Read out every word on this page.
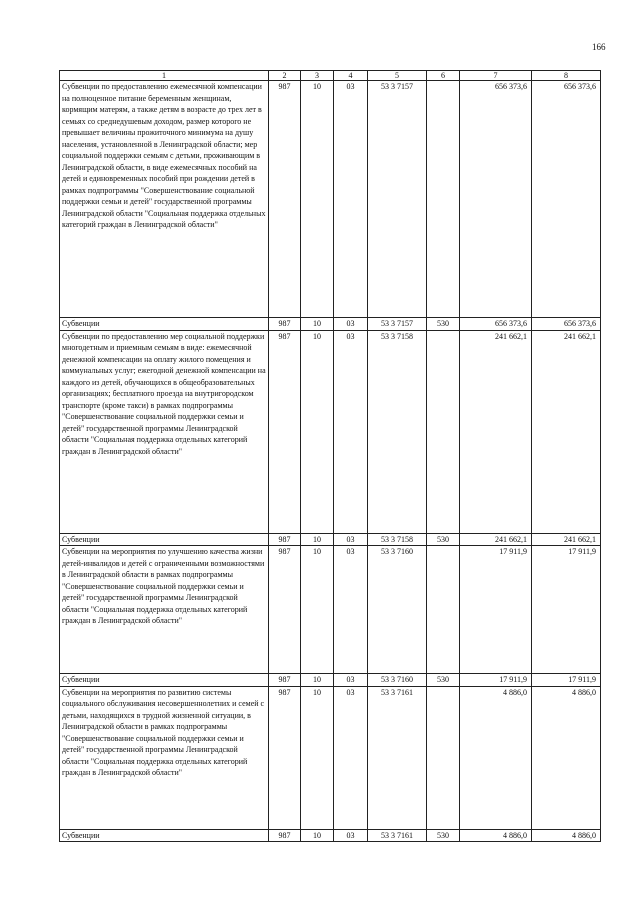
166
1	2	3	4	5	6	7	8
Субвенции по предоставлению ежемесячной компенсации на полноценное питание беременным женщинам, кормящим матерям, а также детям в возрасте до трех лет в семьях со среднедушевым доходом, размер которого не превышает величины прожиточного минимума на душу населения, установленной в Ленинградской области; мер социальной поддержки семьям с детьми, проживающим в Ленинградской области, в виде ежемесячных пособий на детей и единовременных пособий при рождении детей в рамках подпрограммы "Совершенствование социальной поддержки семьи и детей" государственной программы Ленинградской области "Социальная поддержка отдельных категорий граждан в Ленинградской области"	987	10	03	53 3 7157		656 373,6	656 373,6
Субвенции	987	10	03	53 3 7157	530	656 373,6	656 373,6
Субвенции по предоставлению мер социальной поддержки многодетным и приемным семьям в виде: ежемесячной денежной компенсации на оплату жилого помещения и коммунальных услуг; ежегодной денежной компенсации на каждого из детей, обучающихся в общеобразовательных организациях; бесплатного проезда на внутригородском транспорте (кроме такси) в рамках подпрограммы "Совершенствование социальной поддержки семьи и детей" государственной программы Ленинградской области "Социальная поддержка отдельных категорий граждан в Ленинградской области"	987	10	03	53 3 7158		241 662,1	241 662,1
Субвенции	987	10	03	53 3 7158	530	241 662,1	241 662,1
Субвенции на мероприятия по улучшению качества жизни детей-инвалидов и детей с ограниченными возможностями в Ленинградской области в рамках подпрограммы "Совершенствование социальной поддержки семьи и детей" государственной программы Ленинградской области "Социальная поддержка отдельных категорий граждан в Ленинградской области"	987	10	03	53 3 7160		17 911,9	17 911,9
Субвенции	987	10	03	53 3 7160	530	17 911,9	17 911,9
Субвенции на мероприятия по развитию системы социального обслуживания несовершеннолетних и семей с детьми, находящихся в трудной жизненной ситуации, в Ленинградской области в рамках подпрограммы "Совершенствование социальной поддержки семьи и детей" государственной программы Ленинградской области "Социальная поддержка отдельных категорий граждан в Ленинградской области"	987	10	03	53 3 7161		4 886,0	4 886,0
Субвенции	987	10	03	53 3 7161	530	4 886,0	4 886,0
